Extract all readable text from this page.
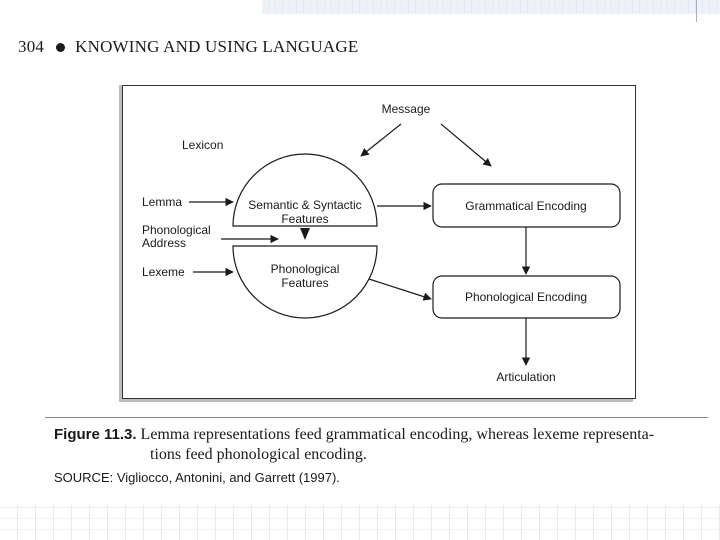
304 KNOWING AND USING LANGUAGE
Message
Lexicon
Semantic & Syntactic
Features
Phonological
Features
Lemma
Phonological
Address
Lexeme
Grammatical Encoding
Phonological Encoding
Articulation
Figure 11.3. Lemma representations feed grammatical encoding, whereas lexeme representa-
tions feed phonological encoding.
SOURCE: Vigliocco, Antonini, and Garrett (1997).
